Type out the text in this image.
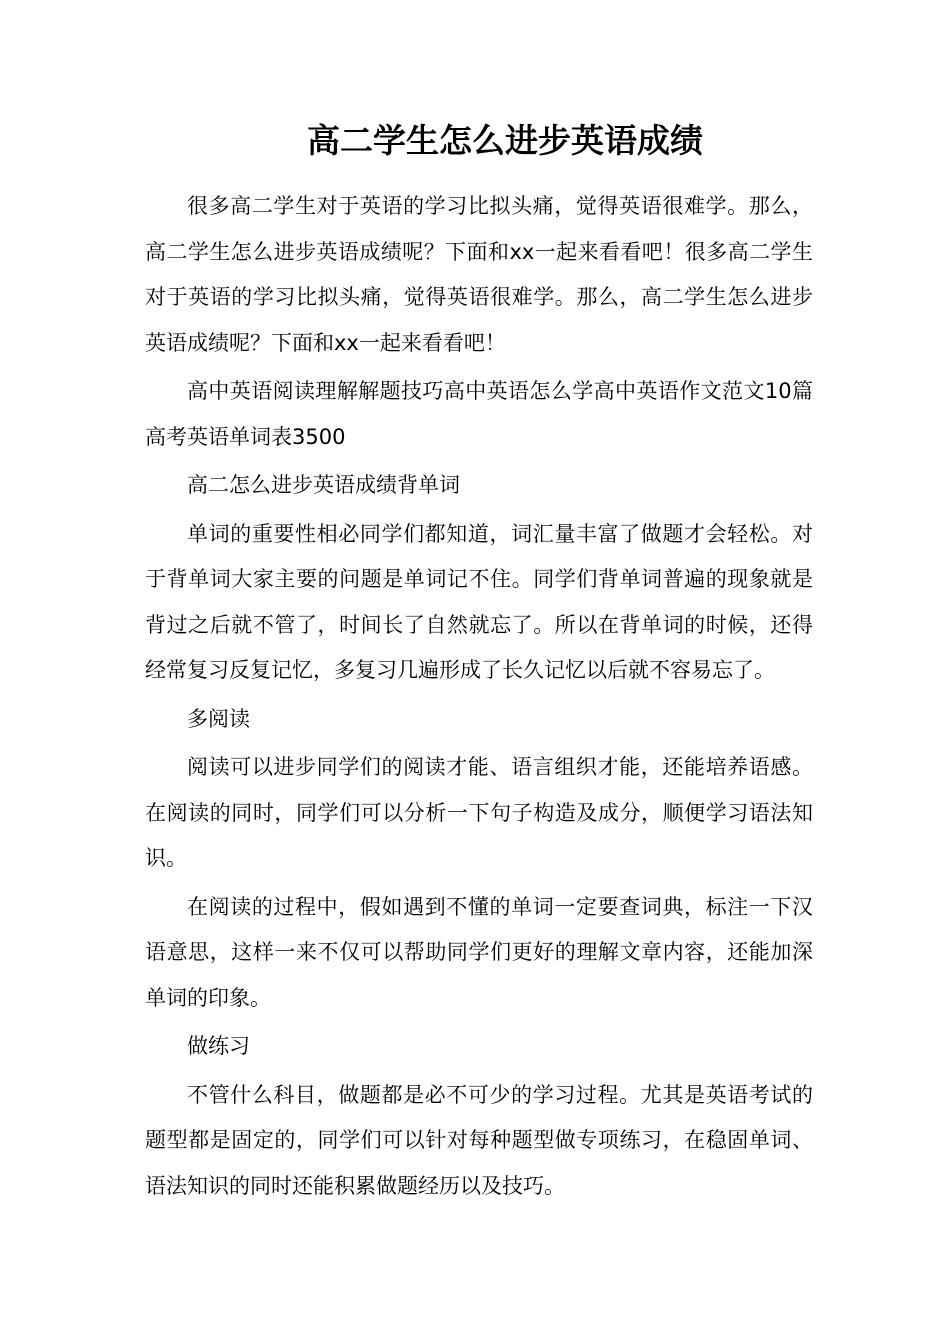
高二学生怎么进步英语成绩

很多高二学生对于英语的学习比拟头痛，觉得英语很难学。那么，高二学生怎么进步英语成绩呢？下面和xx一起来看看吧！很多高二学生对于英语的学习比拟头痛，觉得英语很难学。那么，高二学生怎么进步英语成绩呢？下面和xx一起来看看吧！

高中英语阅读理解解题技巧高中英语怎么学高中英语作文范文10篇高考英语单词表3500

高二怎么进步英语成绩背单词

单词的重要性相必同学们都知道，词汇量丰富了做题才会轻松。对于背单词大家主要的问题是单词记不住。同学们背单词普遍的现象就是背过之后就不管了，时间长了自然就忘了。所以在背单词的时候，还得经常复习反复记忆，多复习几遍形成了长久记忆以后就不容易忘了。

多阅读

阅读可以进步同学们的阅读才能、语言组织才能，还能培养语感。在阅读的同时，同学们可以分析一下句子构造及成分，顺便学习语法知识。

在阅读的过程中，假如遇到不懂的单词一定要查词典，标注一下汉语意思，这样一来不仅可以帮助同学们更好的理解文章内容，还能加深单词的印象。

做练习

不管什么科目，做题都是必不可少的学习过程。尤其是英语考试的题型都是固定的，同学们可以针对每种题型做专项练习，在稳固单词、语法知识的同时还能积累做题经历以及技巧。
